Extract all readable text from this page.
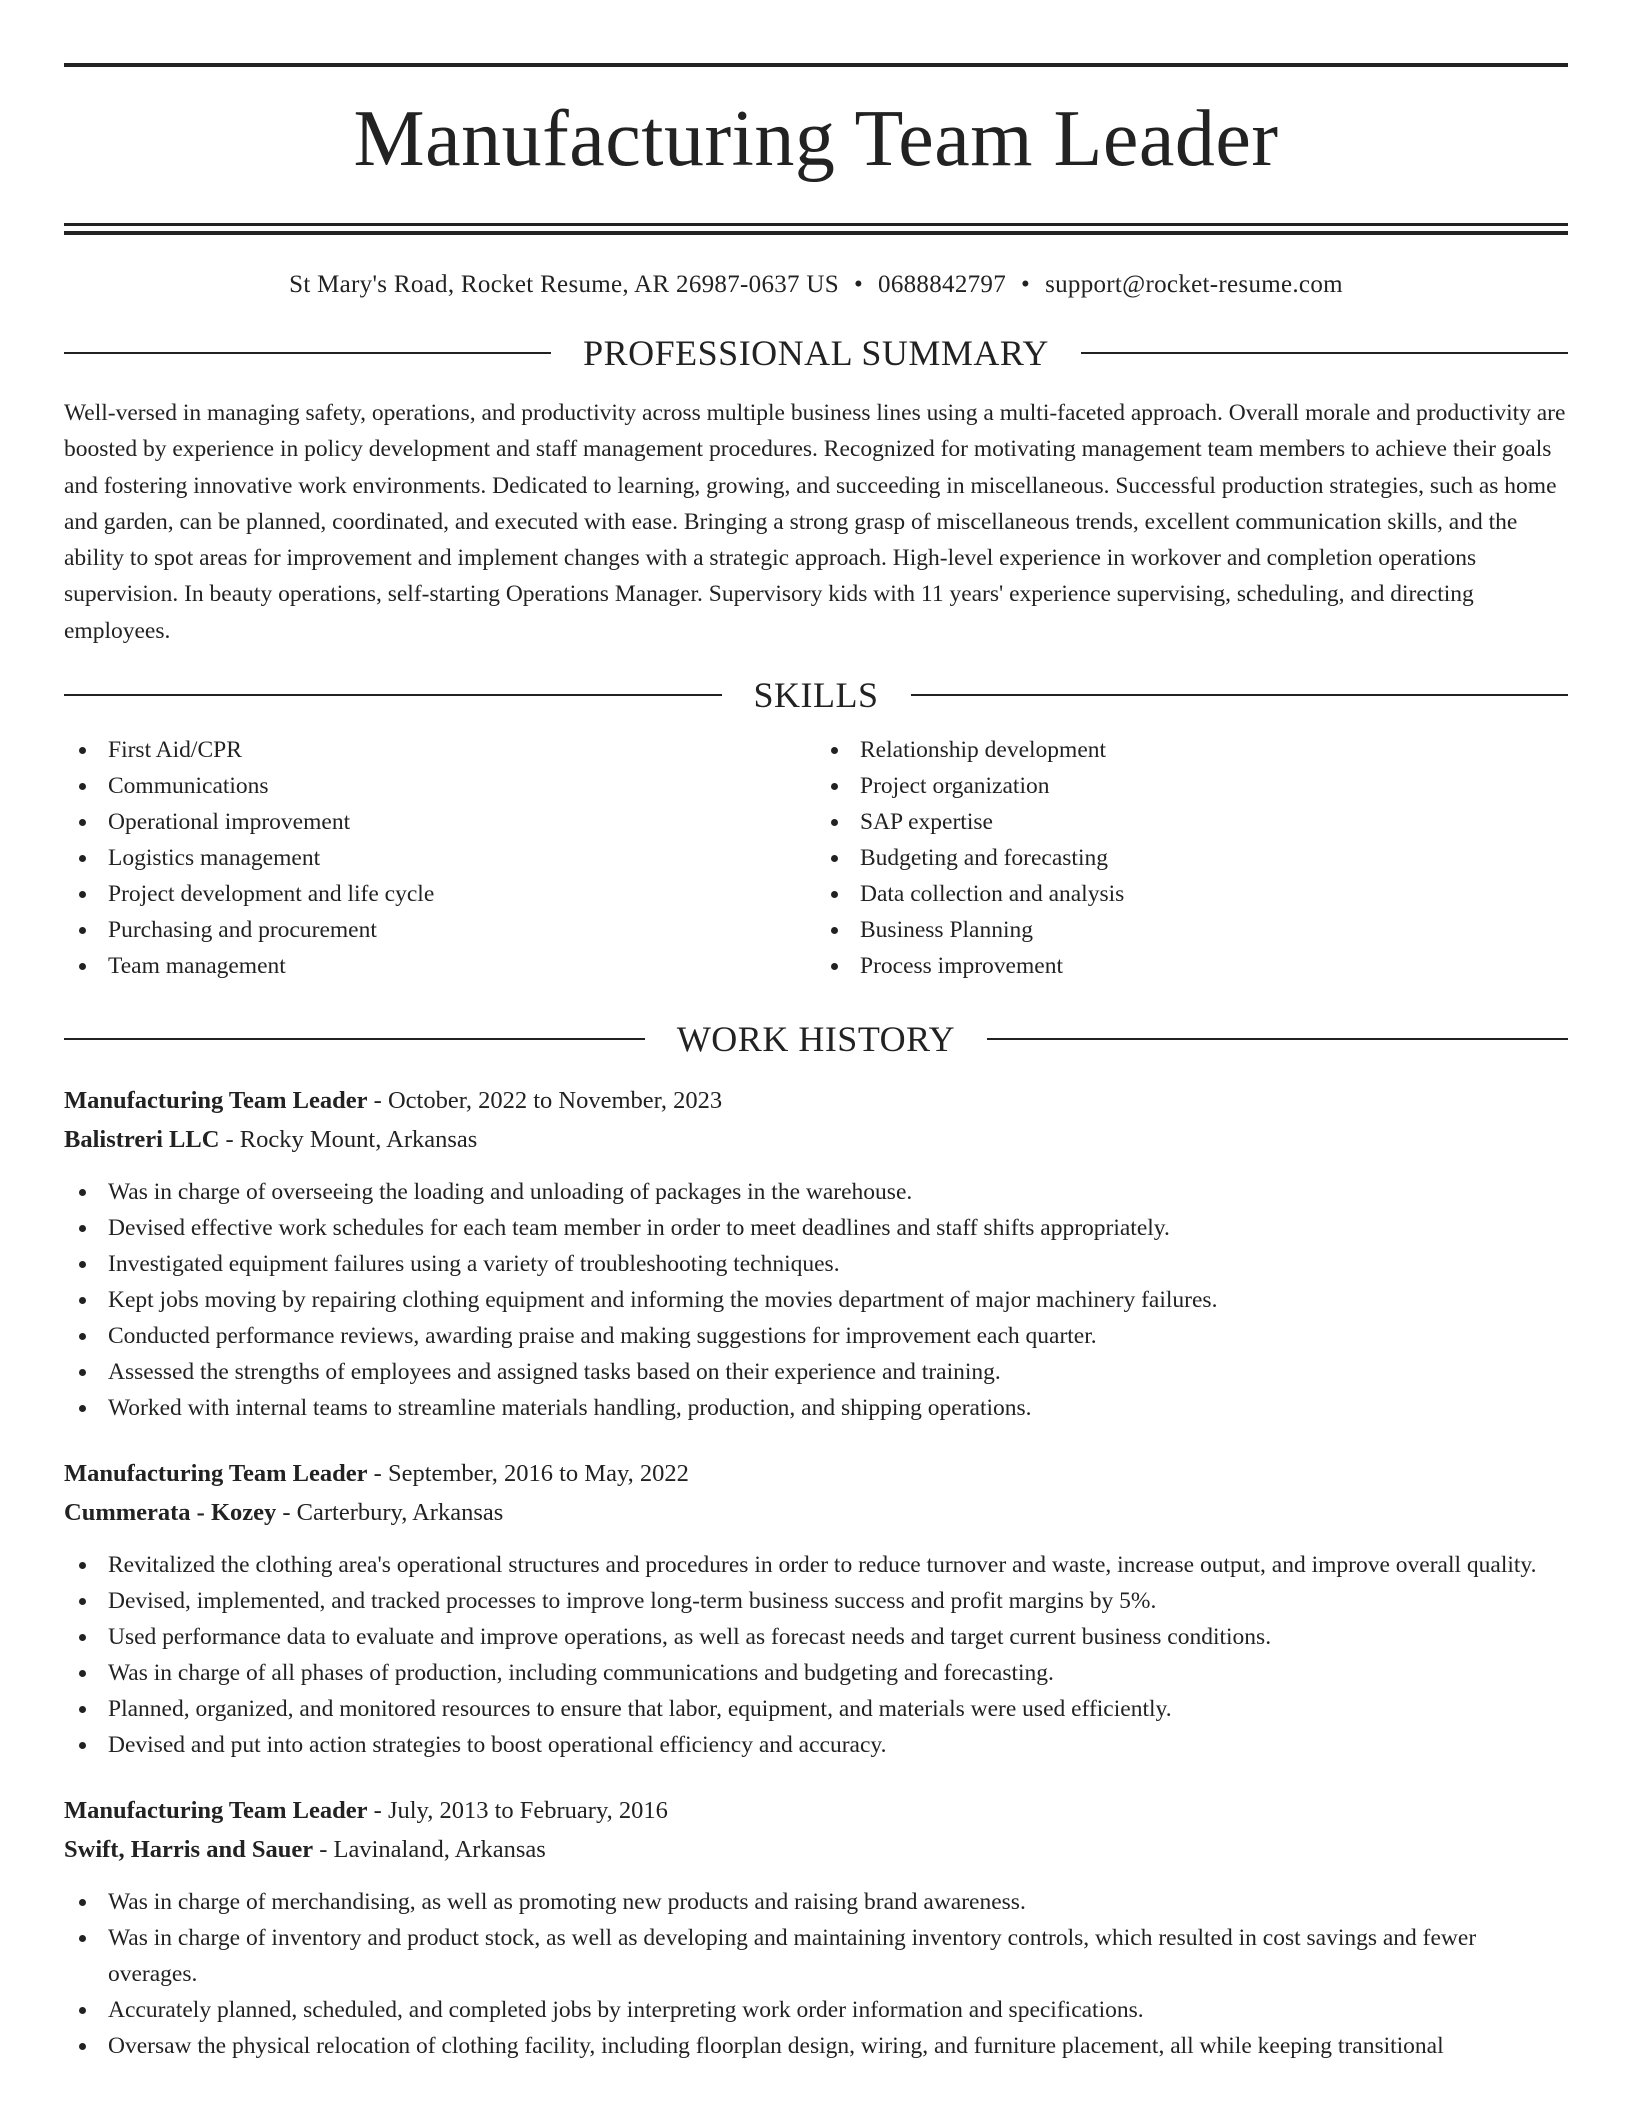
Manufacturing Team Leader
St Mary's Road, Rocket Resume, AR 26987-0637 US • 0688842797 • support@rocket-resume.com
PROFESSIONAL SUMMARY

Well-versed in managing safety, operations, and productivity across multiple business lines using a multi-faceted approach. Overall morale and productivity are boosted by experience in policy development and staff management procedures. Recognized for motivating management team members to achieve their goals and fostering innovative work environments. Dedicated to learning, growing, and succeeding in miscellaneous. Successful production strategies, such as home and garden, can be planned, coordinated, and executed with ease. Bringing a strong grasp of miscellaneous trends, excellent communication skills, and the ability to spot areas for improvement and implement changes with a strategic approach. High-level experience in workover and completion operations supervision. In beauty operations, self-starting Operations Manager. Supervisory kids with 11 years' experience supervising, scheduling, and directing employees.

SKILLS
First Aid/CPR
Communications
Operational improvement
Logistics management
Project development and life cycle
Purchasing and procurement
Team management
Relationship development
Project organization
SAP expertise
Budgeting and forecasting
Data collection and analysis
Business Planning
Process improvement
WORK HISTORY
Manufacturing Team Leader - October, 2022 to November, 2023
Balistreri LLC - Rocky Mount, Arkansas
Was in charge of overseeing the loading and unloading of packages in the warehouse.
Devised effective work schedules for each team member in order to meet deadlines and staff shifts appropriately.
Investigated equipment failures using a variety of troubleshooting techniques.
Kept jobs moving by repairing clothing equipment and informing the movies department of major machinery failures.
Conducted performance reviews, awarding praise and making suggestions for improvement each quarter.
Assessed the strengths of employees and assigned tasks based on their experience and training.
Worked with internal teams to streamline materials handling, production, and shipping operations.
Manufacturing Team Leader - September, 2016 to May, 2022
Cummerata - Kozey - Carterbury, Arkansas
Revitalized the clothing area's operational structures and procedures in order to reduce turnover and waste, increase output, and improve overall quality.
Devised, implemented, and tracked processes to improve long-term business success and profit margins by 5%.
Used performance data to evaluate and improve operations, as well as forecast needs and target current business conditions.
Was in charge of all phases of production, including communications and budgeting and forecasting.
Planned, organized, and monitored resources to ensure that labor, equipment, and materials were used efficiently.
Devised and put into action strategies to boost operational efficiency and accuracy.
Manufacturing Team Leader - July, 2013 to February, 2016
Swift, Harris and Sauer - Lavinaland, Arkansas
Was in charge of merchandising, as well as promoting new products and raising brand awareness.
Was in charge of inventory and product stock, as well as developing and maintaining inventory controls, which resulted in cost savings and fewer overages.
Accurately planned, scheduled, and completed jobs by interpreting work order information and specifications.
Oversaw the physical relocation of clothing facility, including floorplan design, wiring, and furniture placement, all while keeping transitional
